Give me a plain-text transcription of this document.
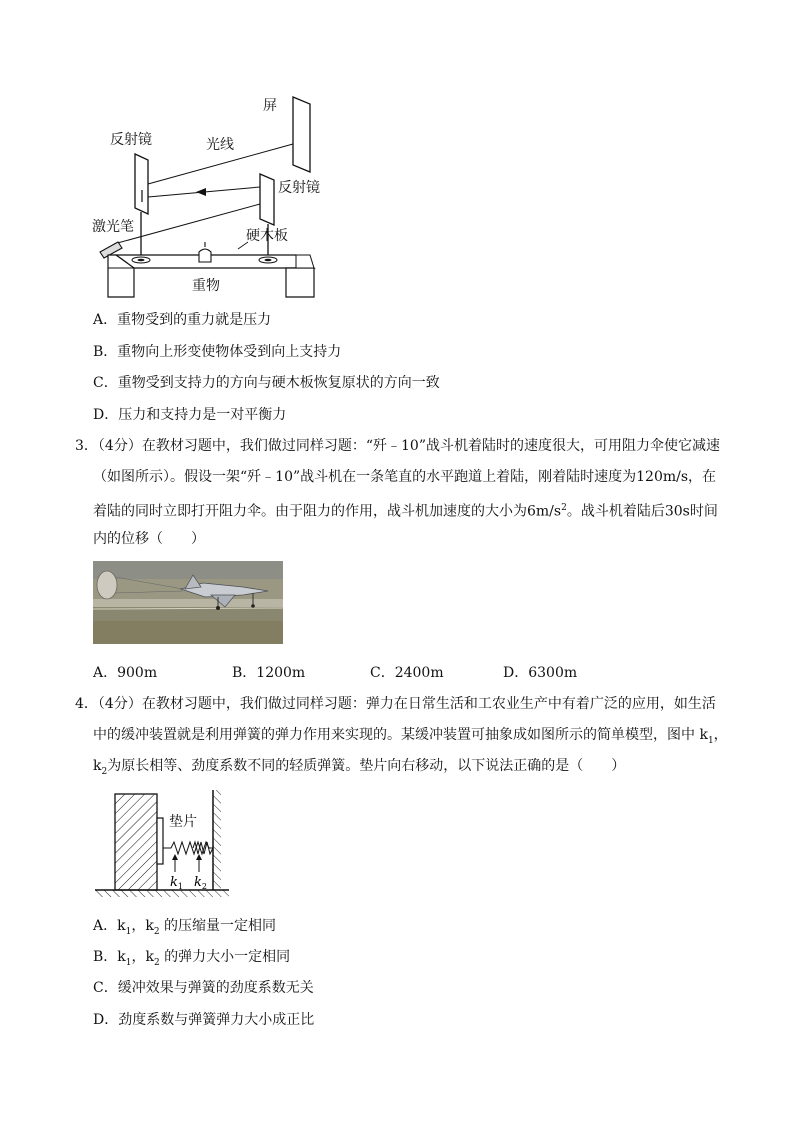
屏
反射镜	光线
反射镜
激光笔
硬木板
重物
A．重物受到的重力就是压力
B．重物向上形变使物体受到向上支持力
C．重物受到支持力的方向与硬木板恢复原状的方向一致
D．压力和支持力是一对平衡力
3．（4分）在教材习题中，我们做过同样习题：“歼﹣10”战斗机着陆时的速度很大，可用阻力伞使它减速
（如图所示）。假设一架“歼﹣10”战斗机在一条笔直的水平跑道上着陆，刚着陆时速度为120m/s，在
着陆的同时立即打开阻力伞。由于阻力的作用，战斗机加速度的大小为$6m/s^2$。战斗机着陆后30s时间
内的位移（　　）
A．900m	B．1200m	C．2400m	D．6300m
4．（4分）在教材习题中，我们做过同样习题：弹力在日常生活和工农业生产中有着广泛的应用，如生活
中的缓冲装置就是利用弹簧的弹力作用来实现的。某缓冲装置可抽象成如图所示的简单模型，图中 $k_1$，
$k_2$为原长相等、劲度系数不同的轻质弹簧。垫片向右移动，以下说法正确的是（　　）
垫片
$k_1$ $k_2$
A．$k_1$，$k_2$ 的压缩量一定相同
B．$k_1$，$k_2$ 的弹力大小一定相同
C．缓冲效果与弹簧的劲度系数无关
D．劲度系数与弹簧弹力大小成正比
